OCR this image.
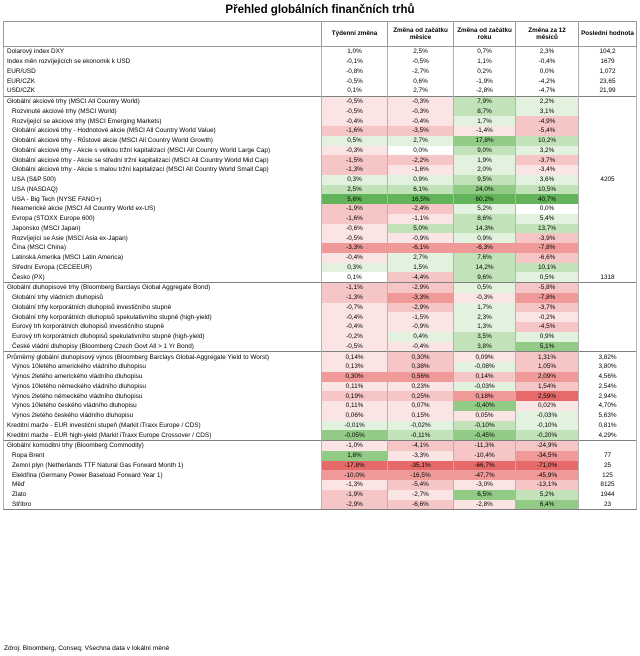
Přehled globálních finančních trhů
	Týdenní změna	Změna od začátku měsíce	Změna od začátku roku	Změna za 12 měsíců	Poslední hodnota
Dolarový index DXY	1,0%	2,5%	0,7%	2,3%	104,2
Index měn rozvíjejících se ekonomik k USD	-0,1%	-0,5%	1,1%	-0,4%	1679
EUR/USD	-0,8%	-2,7%	0,2%	0,0%	1,072
EUR/CZK	-0,5%	0,6%	-1,9%	-4,2%	23,65
USD/CZK	0,1%	2,7%	-2,8%	-4,7%	21,99
Globální akciové trhy (MSCI All Country World)	-0,5%	-0,3%	7,9%	2,2%	
Rozvinuté akciové trhy (MSCI World)	-0,5%	-0,3%	8,7%	3,1%	
Rozvíjející se akciové trhy (MSCI Emerging Markets)	-0,4%	-0,4%	1,7%	-4,9%	
Globální akciové trhy - Hodnotové akcie (MSCI All Country World Value)	-1,6%	-3,5%	-1,4%	-5,4%	
Globální akciové trhy - Růstové akcie (MSCI All Country World Growth)	0,5%	2,7%	17,8%	10,2%	
Globální akciové trhy - Akcie s velkou tržní kapitalizací (MSCI All Country World Large Cap)	-0,3%	0,0%	9,0%	3,2%	
Globální akciové trhy - Akcie se střední tržní kapitalizací (MSCI All Country World Mid Cap)	-1,5%	-2,2%	1,9%	-3,7%	
Globální akciové trhy - Akcie s malou tržní kapitalizací (MSCI All Country World Small Cap)	-1,3%	-1,6%	2,0%	-3,4%	
USA (S&P 500)	0,3%	0,9%	9,5%	3,6%	4205
USA (NASDAQ)	2,5%	6,1%	24,0%	10,5%	
USA - Big Tech (NYSE FANG+)	5,6%	16,5%	60,2%	40,7%	
Neamerické akcie (MSCI All Country World ex-US)	-1,9%	-2,4%	5,2%	0,0%	
Evropa (STOXX Europe 600)	-1,6%	-1,1%	8,6%	5,4%	
Japonsko (MSCI Japan)	-0,6%	5,0%	14,3%	13,7%	
Rozvíjející se Asie (MSCI Asia ex-Japan)	-0,5%	-0,9%	0,9%	-3,9%	
Čína (MSCI China)	-3,3%	-6,1%	-6,3%	-7,8%	
Latinská Amerika (MSCI Latin America)	-0,4%	2,7%	7,6%	-6,6%	
Střední Evropa (CECEEUR)	0,3%	1,5%	14,2%	10,1%	
Česko (PX)	0,1%	-4,4%	9,6%	0,5%	1318
Globální dluhopisové trhy (Bloomberg Barclays Global Aggregate Bond)	-1,1%	-2,9%	0,5%	-5,8%	
Globální trhy vládních dluhopisů	-1,3%	-3,3%	-0,3%	-7,8%	
Globální trhy korporátních dluhopisů investičního stupně	-0,7%	-2,9%	1,7%	-3,7%	
Globální trhy korporátních dluhopisů spekulativního stupně (high-yield)	-0,4%	-1,5%	2,3%	-0,2%	
Eurový trh korporátních dluhopisů investičního stupně	-0,4%	-0,9%	1,3%	-4,5%	
Eurový trh korporátních dluhopisů spekulativního stupně (high-yield)	-0,2%	0,4%	3,5%	0,9%	
České vládní dluhopisy (Bloomberg Czech Govt All > 1 Yr Bond)	-0,5%	-0,4%	3,8%	5,1%	
Průměrný globální dluhopisový výnos (Bloomberg Barclays Global-Aggregate Yield to Worst)	0,14%	0,30%	0,09%	1,31%	3,82%
Výnos 10letého amerického vládního dluhopisu	0,13%	0,38%	-0,08%	1,05%	3,80%
Výnos 2letého amerického vládního dluhopisu	0,30%	0,56%	0,14%	2,09%	4,56%
Výnos 10letého německého vládního dluhopisu	0,11%	0,23%	-0,03%	1,54%	2,54%
Výnos 2letého německého vládního dluhopisu	0,19%	0,25%	0,18%	2,59%	2,94%
Výnos 10letého českého vládního dluhopisu	0,11%	0,07%	-0,40%	0,02%	4,70%
Výnos 2letého českého vládního dluhopisu	0,06%	0,15%	0,05%	-0,03%	5,63%
Kreditní marže - EUR investiční stupeň (Markit iTraxx Europe / CDS)	-0,01%	-0,02%	-0,10%	-0,10%	0,81%
Kreditní marže - EUR high-yield (Markit iTraxx Europe Crossover / CDS)	-0,05%	-0,11%	-0,45%	-0,20%	4,29%
Globální komoditní trhy (Bloomberg Commodity)	-1,0%	-4,1%	-11,3%	-24,9%	
Ropa Brent	1,8%	-3,3%	-10,4%	-34,5%	77
Zemní plyn (Netherlands TTF Natural Gas Forward Month 1)	-17,8%	-35,1%	-66,7%	-71,0%	25
Elektřina (Germany Power Baseload Forward Year 1)	-10,0%	-16,5%	-47,7%	-45,9%	125
Měď	-1,3%	-5,4%	-3,0%	-13,1%	8125
Zlato	-1,9%	-2,7%	6,5%	5,2%	1944
Stříbro	-2,9%	-6,6%	-2,8%	6,4%	23
Zdroj: Bloomberg, Conseq; Všechna data v lokální měně
